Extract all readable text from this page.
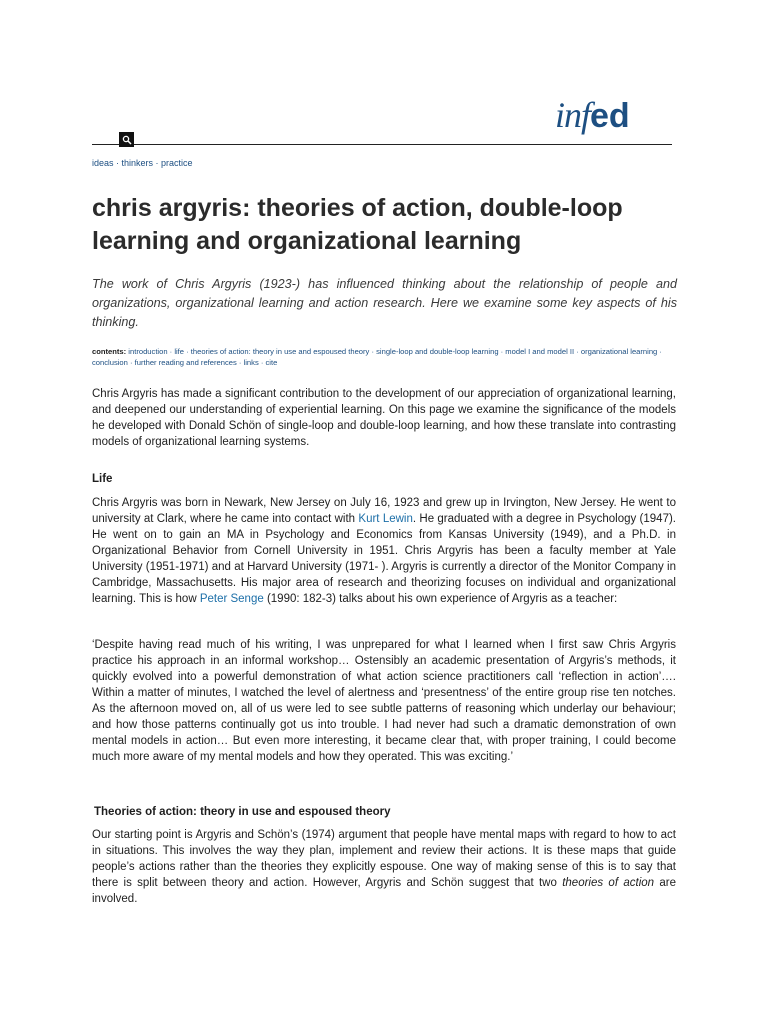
infed
ideas · thinkers · practice
chris argyris: theories of action, double-loop learning and organizational learning

The work of Chris Argyris (1923-) has influenced thinking about the relationship of people and organizations, organizational learning and action research. Here we examine some key aspects of his thinking.

contents: introduction · life · theories of action: theory in use and espoused theory · single-loop and double-loop learning · model I and model II · organizational learning · conclusion · further reading and references · links · cite

Chris Argyris has made a significant contribution to the development of our appreciation of organizational learning, and deepened our understanding of experiential learning. On this page we examine the significance of the models he developed with Donald Schön of single-loop and double-loop learning, and how these translate into contrasting models of organizational learning systems.

Life

Chris Argyris was born in Newark, New Jersey on July 16, 1923 and grew up in Irvington, New Jersey. He went to university at Clark, where he came into contact with Kurt Lewin. He graduated with a degree in Psychology (1947). He went on to gain an MA in Psychology and Economics from Kansas University (1949), and a Ph.D. in Organizational Behavior from Cornell University in 1951. Chris Argyris has been a faculty member at Yale University (1951-1971) and at Harvard University (1971- ). Argyris is currently a director of the Monitor Company in Cambridge, Massachusetts. His major area of research and theorizing focuses on individual and organizational learning. This is how Peter Senge (1990: 182-3) talks about his own experience of Argyris as a teacher:

‘Despite having read much of his writing, I was unprepared for what I learned when I first saw Chris Argyris practice his approach in an informal workshop… Ostensibly an academic presentation of Argyris’s methods, it quickly evolved into a powerful demonstration of what action science practitioners call ‘reflection in action’…. Within a matter of minutes, I watched the level of alertness and ‘presentness’ of the entire group rise ten notches. As the afternoon moved on, all of us were led to see subtle patterns of reasoning which underlay our behaviour; and how those patterns continually got us into trouble. I had never had such a dramatic demonstration of own mental models in action… But even more interesting, it became clear that, with proper training, I could become much more aware of my mental models and how they operated. This was exciting.’

Theories of action: theory in use and espoused theory

Our starting point is Argyris and Schön’s (1974) argument that people have mental maps with regard to how to act in situations. This involves the way they plan, implement and review their actions. It is these maps that guide people’s actions rather than the theories they explicitly espouse. One way of making sense of this is to say that there is split between theory and action. However, Argyris and Schön suggest that two theories of action are involved.
